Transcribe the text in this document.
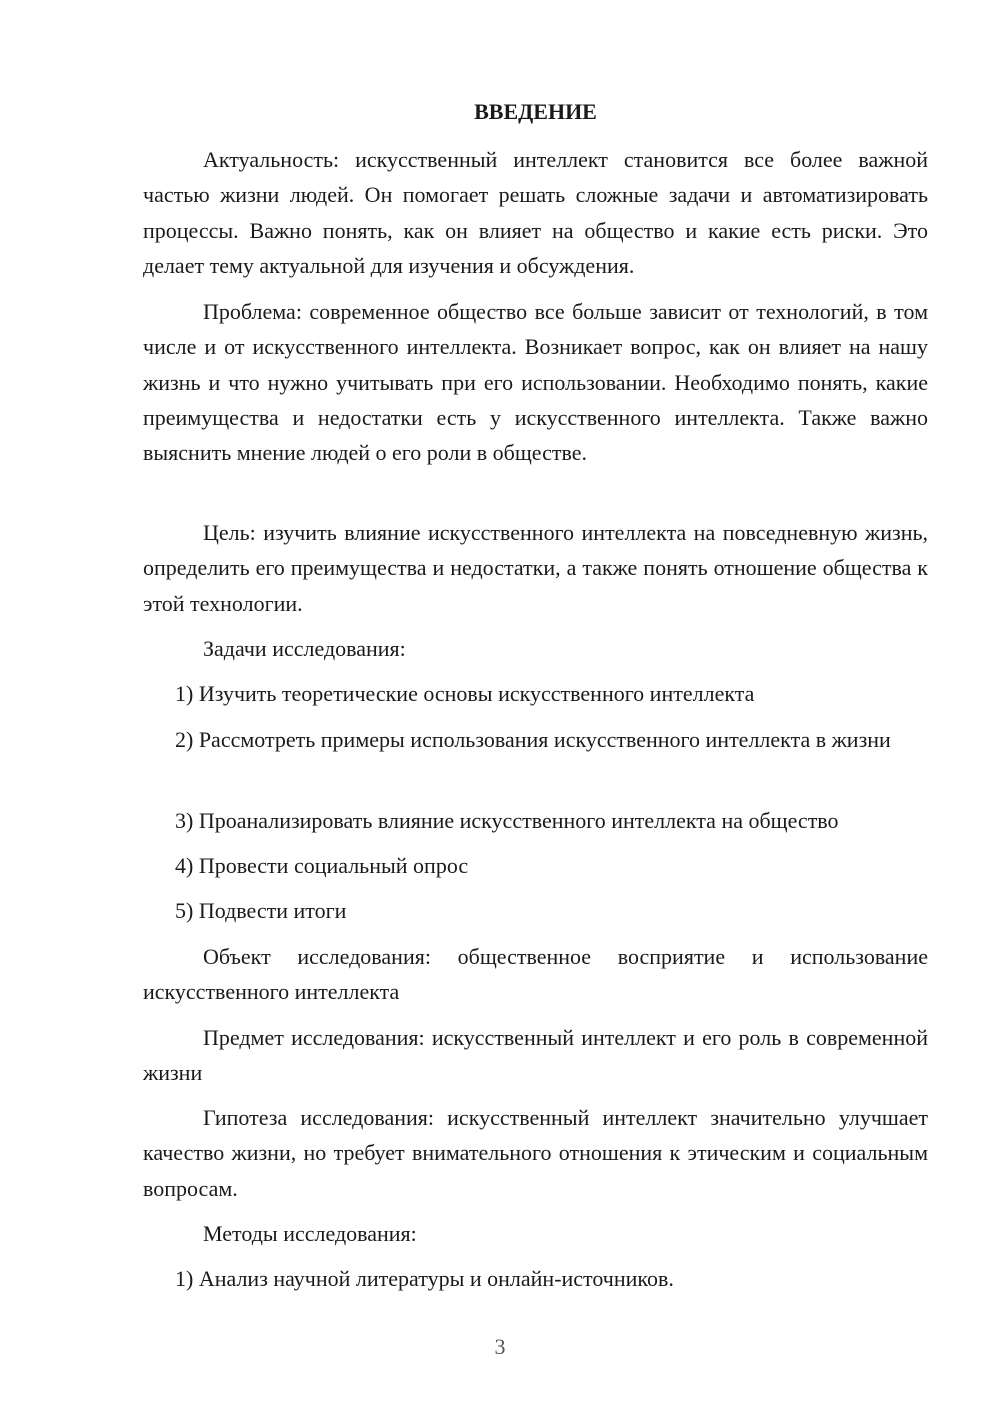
ВВЕДЕНИЕ

Актуальность: искусственный интеллект становится все более важной частью жизни людей. Он помогает решать сложные задачи и автоматизировать процессы. Важно понять, как он влияет на общество и какие есть риски. Это делает тему актуальной для изучения и обсуждения.

Проблема: современное общество все больше зависит от технологий, в том числе и от искусственного интеллекта. Возникает вопрос, как он влияет на нашу жизнь и что нужно учитывать при его использовании. Необходимо понять, какие преимущества и недостатки есть у искусственного интеллекта. Также важно выяснить мнение людей о его роли в обществе.

Цель: изучить влияние искусственного интеллекта на повседневную жизнь, определить его преимущества и недостатки, а также понять отношение общества к этой технологии.

Задачи исследования:

1) Изучить теоретические основы искусственного интеллекта

2) Рассмотреть примеры использования искусственного интеллекта в жизни

3) Проанализировать влияние искусственного интеллекта на общество

4) Провести социальный опрос

5) Подвести итоги

Объект исследования: общественное восприятие и использование искусственного интеллекта

Предмет исследования: искусственный интеллект и его роль в современной жизни

Гипотеза исследования: искусственный интеллект значительно улучшает качество жизни, но требует внимательного отношения к этическим и социальным вопросам.

Методы исследования:

1) Анализ научной литературы и онлайн-источников.

3
